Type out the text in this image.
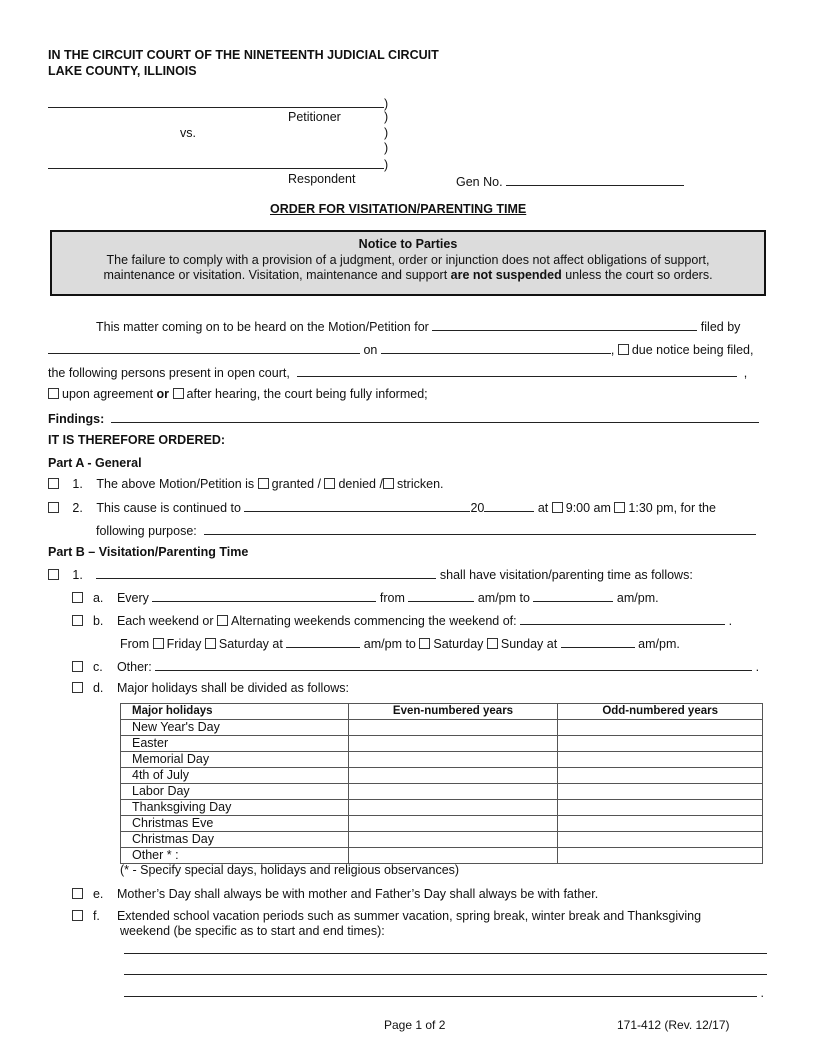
IN THE CIRCUIT COURT OF THE NINETEENTH JUDICIAL CIRCUIT
LAKE COUNTY, ILLINOIS
)
Petitioner	)
vs.	)
)
)
Respondent	Gen No.
ORDER FOR VISITATION/PARENTING TIME

Notice to Parties

The failure to comply with a provision of a judgment, order or injunction does not affect obligations of support,

maintenance or visitation. Visitation, maintenance and support are not suspended unless the court so orders.

This matter coming on to be heard on the Motion/Petition for	filed by
on	, due notice being filed,
the following persons present in open court,	,
upon agreement or after hearing, the court being fully informed;
Findings:
IT IS THEREFORE ORDERED:
Part A - General
1. The above Motion/Petition is granted / denied / stricken.
2. This cause is continued to	20	at 9:00 am 1:30 pm, for the
following purpose:
Part B – Visitation/Parenting Time
1.	shall have visitation/parenting time as follows:
a. Every	from	am/pm to	am/pm.
b. Each weekend or Alternating weekends commencing the weekend of:	.
From Friday Saturday at	am/pm to Saturday Sunday at	am/pm.
c. Other:	.
d. Major holidays shall be divided as follows:
Major holidays	Even-numbered years	Odd-numbered years
New Year's Day		
Easter		
Memorial Day		
4th of July		
Labor Day		
Thanksgiving Day		
Christmas Eve		
Christmas Day		
Other * :		
(* - Specify special days, holidays and religious observances)
e. Mother’s Day shall always be with mother and Father’s Day shall always be with father.
f. Extended school vacation periods such as summer vacation, spring break, winter break and Thanksgiving
weekend (be specific as to start and end times):
.
Page 1 of 2	171-412 (Rev. 12/17)
